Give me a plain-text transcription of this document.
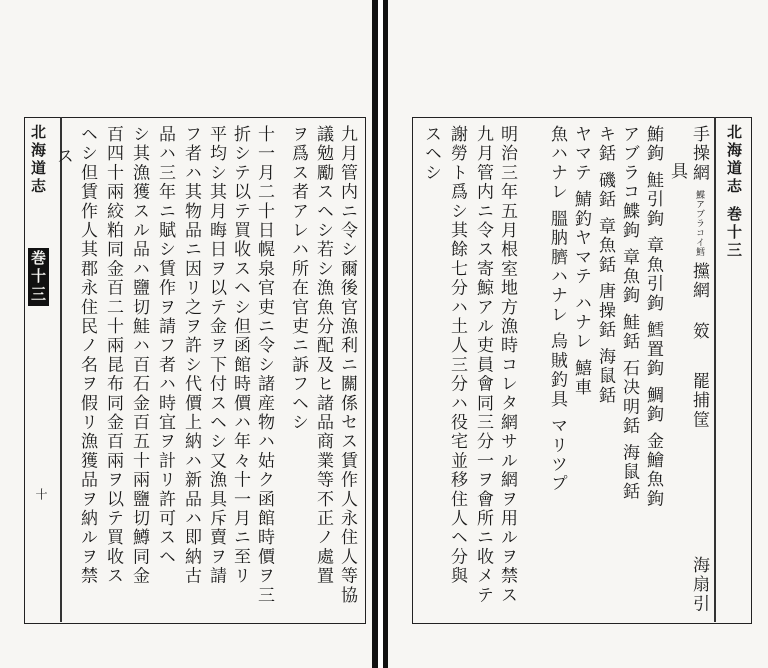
北海道志
巻十三
十	九月管内ニ令シ爾後官漁利ニ關係セス賃作人永住人等協
議勉勵スヘシ若シ漁魚分配及ヒ諸品商業等不正ノ處置
ヲ爲ス者アレハ所在官吏ニ訴フヘシ
十一月二十日幌泉官吏ニ令シ諸産物ハ姑ク函館時價ヲ三
折シテ以テ買收スヘシ但函館時價ハ年々十一月ニ至リ
平均シ其月晦日ヲ以テ金ヲ下付スヘシ又漁具斥賣ヲ請
フ者ハ其物品ニ因リ之ヲ許シ代價上納ハ新品ハ即納古
品ハ三年ニ賦シ賃作ヲ請フ者ハ時宜ヲ計リ許可スヘ
シ其漁獲スル品ハ鹽切鮭ハ百石金百五十兩鹽切鱒同金
百四十兩絞粕同金百二十兩昆布同金百兩ヲ以テ買收ス
ヘシ但賃作人其郡永住民ノ名ヲ假リ漁獲品ヲ納ルヲ禁
ス	北海道志
巻十三
手操網
鰈アブラコイ鱈
攩網
笯
罷捕筐
海扇引
具
鮪鉤 鮭引鉤 章魚引鉤 鱈置鉤 鯛鉤 金鱠魚鉤
アブラコ鰈鉤 章魚鉤 鮭銛 石决明銛 海鼠銛
キ銛 磯銛 章魚銛 唐操銛 海鼠銛
ヤマテ 鯖釣ヤマテ ハナレ 鱚車
魚ハナレ 膃肭臍ハナレ 烏賊釣具 マリツプ
明治三年五月根室地方漁時コレタ網サル網ヲ用ルヲ禁ス
九月管内ニ令ス寄鯨アル吏員會同三分一ヲ會所ニ收メテ
謝勞ト爲シ其餘七分ハ土人三分ハ役宅並移住人ヘ分與
スヘシ
